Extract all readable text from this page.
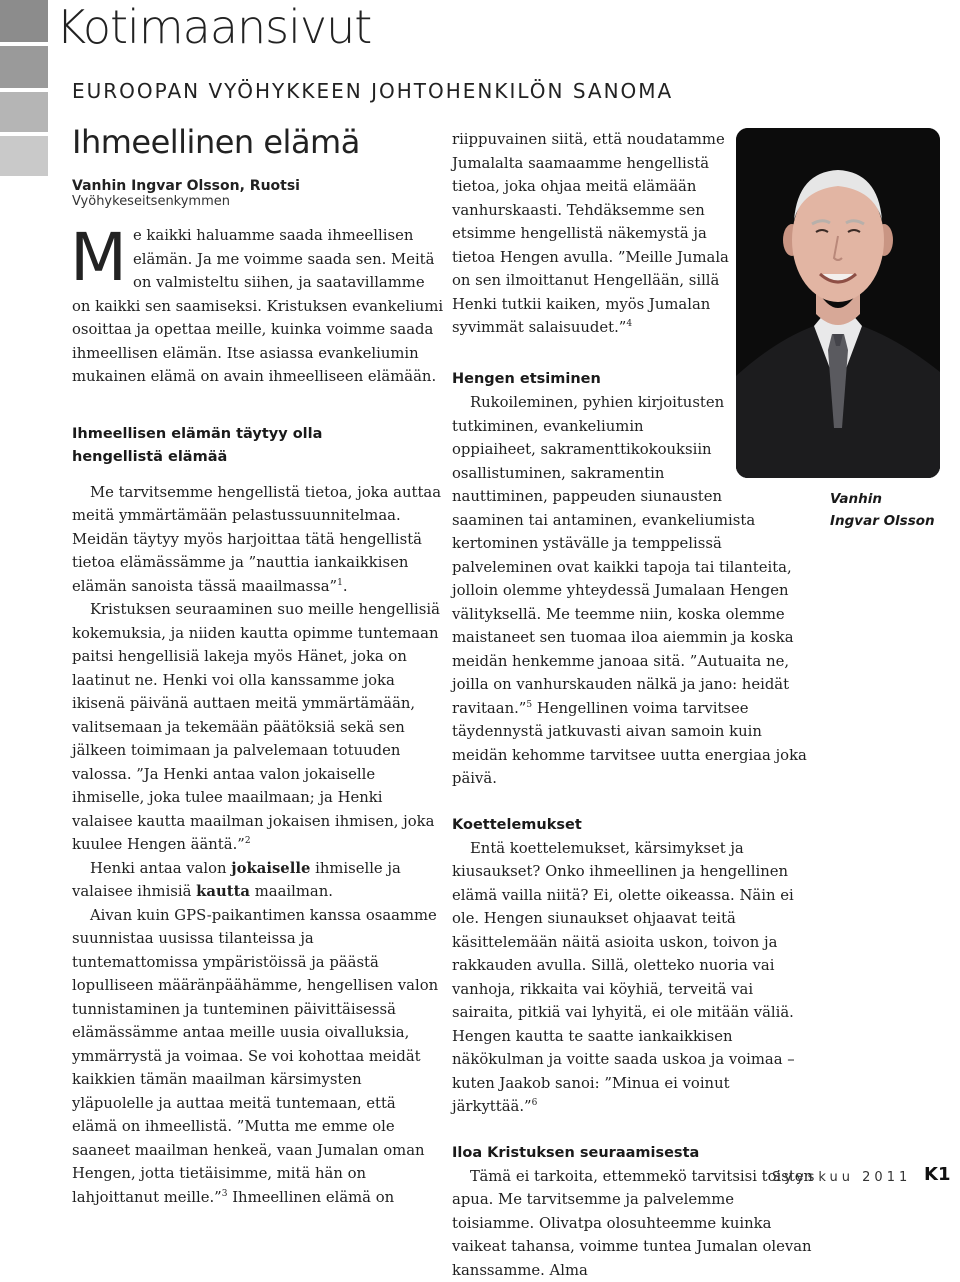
Kotimaansivut
EUROOPAN VYÖHYKKEEN JOHTOHENKILÖN SANOMA
Ihmeellinen elämä
Vanhin Ingvar Olsson, Ruotsi
Vyöhykeseitsenkymmen

Me kaikki haluamme saada ihmeellisen elämän. Ja me voimme saada sen. Meitä on valmisteltu siihen, ja saatavillamme on kaikki sen saamiseksi. Kristuksen evankeliumi osoittaa ja opettaa meille, kuinka voimme saada ihmeellisen elämän. Itse asiassa evankeliumin mukainen elämä on avain ihmeelliseen elämään.

Ihmeellisen elämän täytyy olla hengellistä elämää

Me tarvitsemme hengellistä tietoa, joka auttaa meitä ymmärtämään pelastussuunnitelmaa. Meidän täytyy myös harjoittaa tätä hengellistä tietoa elämässämme ja ”nauttia iankaikkisen elämän sanoista tässä maailmassa”$^1$.

Kristuksen seuraaminen suo meille hengellisiä kokemuksia, ja niiden kautta opimme tuntemaan paitsi hengellisiä lakeja myös Hänet, joka on laatinut ne. Henki voi olla kanssamme joka ikisenä päivänä auttaen meitä ymmärtämään, valitsemaan ja tekemään päätöksiä sekä sen jälkeen toimimaan ja palvelemaan totuuden valossa. ”Ja Henki antaa valon jokaiselle ihmiselle, joka tulee maailmaan; ja Henki valaisee kautta maailman jokaisen ihmisen, joka kuulee Hengen ääntä.”$^2$

Henki antaa valon jokaiselle ihmiselle ja valaisee ihmisiä kautta maailman.

Aivan kuin GPS-paikantimen kanssa osaamme suunnistaa uusissa tilanteissa ja tuntemattomissa ympäristöissä ja päästä lopulliseen määränpäähämme, hengellisen valon tunnistaminen ja tunteminen päivittäisessä elämässämme antaa meille uusia oivalluksia, ymmärrystä ja voimaa. Se voi kohottaa meidät kaikkien tämän maailman kärsimysten yläpuolelle ja auttaa meitä tuntemaan, että elämä on ihmeellistä. ”Mutta me emme ole saaneet maailman henkeä, vaan Jumalan oman Hengen, jotta tietäisimme, mitä hän on lahjoittanut meille.”$^3$ Ihmeellinen elämä on

riippuvainen siitä, että noudatamme Jumalalta saamaamme hengellistä tietoa, joka ohjaa meitä elämään vanhurskaasti. Tehdäksemme sen etsimme hengellistä näkemystä ja tietoa Hengen avulla. ”Meille Jumala on sen ilmoittanut Hengellään, sillä Henki tutkii kaiken, myös Jumalan syvimmät salaisuudet.”$^4$

Vanhin
Ingvar Olsson
Hengen etsiminen

Rukoileminen, pyhien kirjoitusten tutkiminen, evankeliumin oppiaiheet, sakramenttikokouksiin osallistuminen, sakramentin nauttiminen, pappeuden siunausten saaminen tai antaminen, evankeliumista kertominen ystävälle ja temppelissä palveleminen ovat kaikki tapoja tai tilanteita, jolloin olemme yhteydessä Jumalaan Hengen välityksellä. Me teemme niin, koska olemme maistaneet sen tuomaa iloa aiemmin ja koska meidän henkemme janoaa sitä. ”Autuaita ne, joilla on vanhurskauden nälkä ja jano: heidät ravitaan.”$^5$ Hengellinen voima tarvitsee täydennystä jatkuvasti aivan samoin kuin meidän kehomme tarvitsee uutta energiaa joka päivä.

Koettelemukset

Entä koettelemukset, kärsimykset ja kiusaukset? Onko ihmeellinen ja hengellinen elämä vailla niitä? Ei, olette oikeassa. Näin ei ole. Hengen siunaukset ohjaavat teitä käsittelemään näitä asioita uskon, toivon ja rakkauden avulla. Sillä, oletteko nuoria vai vanhoja, rikkaita vai köyhiä, terveitä vai sairaita, pitkiä vai lyhyitä, ei ole mitään väliä. Hengen kautta te saatte iankaikkisen näkökulman ja voitte saada uskoa ja voimaa – kuten Jaakob sanoi: ”Minua ei voinut järkyttää.”$^6$

Iloa Kristuksen seuraamisesta

Tämä ei tarkoita, ettemmekö tarvitsisi toisten apua. Me tarvitsemme ja palvelemme toisiamme. Olivatpa olosuhteemme kuinka vaikeat tahansa, voimme tuntea Jumalan olevan kanssamme. Alma

Syyskuu 2011 K1
